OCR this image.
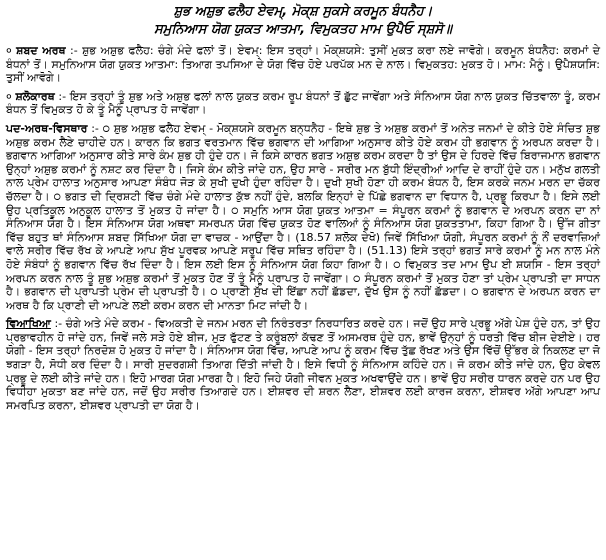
ਸ਼ੁਭ ਅਸ਼ੁਭ ਫਲੈਹ ਏਵਮ੍, ਮੋਕ੍ਸ਼ ਸੁਕਸੇ ਕਰਮੂਨ ਬੰਧਨੈਹ।
ਸਮੁਨਿਆਸ ਯੋਗ ਯੁਕਤ ਆਤਮਾ, ਵਿਮੁਕਤਹ ਮਾਮ ਉਪੈਓ ਸ੍ਸ਼ਸੋ॥

० ਸ਼ਬਦ ਅਰਥ :- ਸ਼ੁਭ ਅਸ਼ੁਭ ਫਲੈਹ: ਚੰਗੇ ਮੰਦੇ ਫਲਾਂ ਤੋਂ। ਏਵਮ੍: ਇਸ ਤਰ੍ਹਾਂ। ਮੋਕ੍ਸ਼ਯਸੇ: ਤੁਸੀਂ ਮੁਕਤ ਕਰਾ ਲਏ ਜਾਵੋਗੇ। ਕਰਮੂਨ ਬੰਧਨੈਹ: ਕਰਮਾਂ ਦੇ ਬੰਧਨਾਂ ਤੋਂ। ਸਮੁਨਿਆਸ ਯੋਗ ਯੁਕਤ ਆਤਮਾ: ਤਿਆਗ ਤਪਸਿਆ ਦੇ ਯੋਗ ਵਿੱਚ ਹੋਏ ਪਰਪੱਕ ਮਨ ਦੇ ਨਾਲ। ਵਿਮੁਕਤਹ: ਮੁਕਤ ਹੋ। ਮਾਮ: ਮੈਨੂੰ। ਉਪੈਸ਼ਯਸਿ: ਤੁਸੀਂ ਆਵੋਗੇ।

० ਸ਼ਲੋਕਾਰਥ :- ਇਸ ਤਰ੍ਹਾਂ ਤੂੰ ਸ਼ੁਭ ਅਤੇ ਅਸ਼ੁਭ ਫਲਾਂ ਨਾਲ ਯੁਕਤ ਕਰਮ ਰੂਪ ਬੰਧਨਾਂ ਤੋਂ ਛੁੱਟ ਜਾਵੇਂਗਾ ਅਤੇ ਸੰਨਿਆਸ ਯੋਗ ਨਾਲ ਯੁਕਤ ਚਿੱਤਵਾਲਾ ਤੂੰ, ਕਰਮ ਬੰਧਨ ਤੋਂ ਵਿਮੁਕਤ ਹੋ ਕੇ ਤੂੰ ਮੈਨੂੰ ਪ੍ਰਾਪਤ ਹੋ ਜਾਵੇਂਗਾ।

ਪਦ-ਅਰਥ-ਵਿਸਥਾਰ :- ੦ ਸ਼ੁਭ ਅਸ਼ੁਭ ਫਲੈਹ ਏਵਮ੍ - ਮੋਕ੍ਸ਼ਯਸੇ ਕਰਮੂਨ ਬਨ੍ਧਨੈਹ - ਇਥੇ ਸ਼ੁਭ ਤੇ ਅਸ਼ੁਭ ਕਰਮਾਂ ਤੋਂ ਅਨੇਤ ਜਨਮਾਂ ਦੇ ਕੀਤੇ ਹੋਏ ਸੰਚਿਤ ਸ਼ੁਭ ਅਸ਼ੁਭ ਕਰਮ ਲੈਣੇ ਚਾਹੀਦੇ ਹਨ। ਕਾਰਨ ਕਿ ਭਗਤ ਵਰਤਮਾਨ ਵਿੱਚ ਭਗਵਾਨ ਦੀ ਆਗਿਆ ਅਨੁਸਾਰ ਕੀਤੇ ਹੋਏ ਕਰਮ ਹੀ ਭਗਵਾਨ ਨੂੰ ਅਰਪਨ ਕਰਦਾ ਹੈ। ਭਗਵਾਨ ਆਗਿਆ ਅਨੁਸਾਰ ਕੀਤੇ ਸਾਰੇ ਕੰਮ ਸ਼ੁਭ ਹੀ ਹੁੰਦੇ ਹਨ। ਜੋ ਕਿਸੇ ਕਾਰਨ ਭਗਤ ਅਸ਼ੁਭ ਕਰਮ ਕਰਦਾ ਹੈ ਤਾਂ ਉਸ ਦੇ ਹਿਰਦੇ ਵਿੱਚ ਬਿਰਾਜਮਾਨ ਭਗਵਾਨ ਉਨ੍ਹਾਂ ਅਸ਼ੁਭ ਕਰਮਾਂ ਨੂੰ ਨਸ਼ਟ ਕਰ ਦਿੰਦਾ ਹੈ। ਜਿਸੇ ਕੰਮ ਕੀਤੇ ਜਾਂਦੇ ਹਨ, ਉਹ ਸਾਰੇ - ਸਰੀਰ ਮਨ ਬੁੱਧੀ ਇੰਦ੍ਰੀਆਂ ਆਦਿ ਦੇ ਰਾਹੀਂ ਹੁੰਦੇ ਹਨ। ਮਨੁੱਖ ਗਲਤੀ ਨਾਲ ਪ੍ਰੇਮ ਹਾਲਾਤ ਅਨੁਸਾਰ ਆਪਣਾ ਸੰਬੰਧ ਜੋੜ ਕੇ ਸੁਖੀ ਦੁਖੀ ਹੁੰਦਾ ਰਹਿੰਦਾ ਹੈ। ਦੁਖੀ ਸੁਖੀ ਹੋਣਾ ਹੀ ਕਰਮ ਬੰਧਨ ਹੈ, ਇਸ ਕਰਕੇ ਜਨਮ ਮਰਨ ਦਾ ਚੱਕਰ ਚੱਲਦਾ ਹੈ। ੦ ਭਗਤ ਦੀ ਦ੍ਰਿਸ਼ਟੀ ਵਿੱਚ ਚੰਗੇ ਮੰਦੇ ਹਾਲਾਤ ਕੁੱਝ ਨਹੀਂ ਹੁੰਦੇ, ਬਲਕਿ ਇਨ੍ਹਾਂ ਦੇ ਪਿੱਛੇ ਭਗਵਾਨ ਦਾ ਵਿਧਾਨ ਹੈ, ਪ੍ਰਭੂ ਕਿਰਪਾ ਹੈ। ਇਸੇ ਲਈ ਉਹ ਪ੍ਰਤਿਕੂਲ ਅਨੁਕੂਲ ਹਾਲਾਤ ਤੋਂ ਮੁਕਤ ਹੋ ਜਾਂਦਾ ਹੈ। ੦ ਸਮੁਨਿ ਆਸ ਯੋਗ ਯੁਕਤ ਆਤਮਾ = ਸੰਪੂਰਨ ਕਰਮਾਂ ਨੂੰ ਭਗਵਾਨ ਦੇ ਅਰਪਨ ਕਰਨ ਦਾ ਨਾਂ ਸੰਨਿਆਸ ਯੋਗ ਹੈ। ਇਸ ਸੰਨਿਆਸ ਯੋਗ ਅਥਵਾ ਸਮਰਪਨ ਯੋਗ ਵਿੱਚ ਯੁਕਤ ਹੋਣ ਵਾਲਿਆਂ ਨੂੰ ਸੰਨਿਆਸ ਯੋਗ ਯੁਕਤਤਾਮਾ, ਕਿਹਾ ਗਿਆ ਹੈ। ਉੱਜ ਗੀਤਾ ਵਿੱਚ ਬਹੁਤ ਥਾਂ ਸੰਨਿਆਸ ਸ਼ਬਦ ਸਿੱਖਿਆ ਯੋਗ ਦਾ ਵਾਚਕ - ਆਉਂਦਾ ਹੈ। (18.57 ਸ਼ਲੋਕ ਦੇਖੋ) ਜਿਵੇਂ ਸਿੱਖਿਆ ਯੋਗੀ, ਸੰਪੂਰਨ ਕਰਮਾਂ ਨੂੰ ਨੌਂ ਦਰਵਾਜ਼ਿਆਂ ਵਾਲੇ ਸਰੀਰ ਵਿੱਚ ਰੱਖ ਕੇ ਆਪਣੇ ਆਪ ਸੁੱਖ ਪੂਰਵਕ ਆਪਣੇ ਸਰੂਪ ਵਿੱਚ ਸਥਿਤ ਰਹਿੰਦਾ ਹੈ। (51.13) ਇਸੇ ਤਰ੍ਹਾਂ ਭਗਤ ਸਾਰੇ ਕਰਮਾਂ ਨੂੰ ਮਨ ਨਾਲ ਮੰਨੇ ਹੋਏ ਸੰਬੰਧਾਂ ਨੂੰ ਭਗਵਾਨ ਵਿੱਚ ਰੱਖ ਦਿੰਦਾ ਹੈ। ਇਸ ਲਈ ਇਸ ਨੂੰ ਸੰਨਿਆਸ ਯੋਗ ਕਿਹਾ ਗਿਆ ਹੈ। ੦ ਵਿਮੁਕਤ ਤਦ ਮਾਮ ਉਪ ਈ ਸ਼ਯਸਿ - ਇਸ ਤਰ੍ਹਾਂ ਅਰਪਨ ਕਰਨ ਨਾਲ ਤੂੰ ਸ਼ੁਭ ਅਸ਼ੁਭ ਕਰਮਾਂ ਤੋਂ ਮੁਕਤ ਹੋਣ ਤੋਂ ਤੂੰ ਮੈਨੂੰ ਪ੍ਰਾਪਤ ਹੋ ਜਾਵੇਂਗਾ। ੦ ਸੰਪੂਰਨ ਕਰਮਾਂ ਤੋਂ ਮੁਕਤ ਹੋਣਾ ਤਾਂ ਪ੍ਰੇਮ ਪ੍ਰਾਪਤੀ ਦਾ ਸਾਧਨ ਹੈ। ਭਗਵਾਨ ਦੀ ਪ੍ਰਾਪਤੀ ਪ੍ਰੇਮ ਦੀ ਪ੍ਰਾਪਤੀ ਹੈ। ੦ ਪ੍ਰਾਣੀ ਸੁੱਖ ਦੀ ਇੱਛਾ ਨਹੀਂ ਛੱਡਦਾ, ਦੁੱਖ ਉਸ ਨੂੰ ਨਹੀਂ ਛੱਡਦਾ। ੦ ਭਗਵਾਨ ਦੇ ਅਰਪਨ ਕਰਨ ਦਾ ਅਰਥ ਹੈ ਕਿ ਪ੍ਰਾਣੀ ਦੀ ਆਪਣੇ ਲਈ ਕਰਮ ਕਰਨ ਦੀ ਮਾਨਤਾ ਮਿਟ ਜਾਂਦੀ ਹੈ।

ਵਿਆਖਿਆ :- ਚੰਗੇ ਅਤੇ ਮੰਦੇ ਕਰਮ - ਵਿਅਕਤੀ ਦੇ ਜਨਮ ਮਰਨ ਦੀ ਨਿਰੰਤਰਤਾ ਨਿਰਧਾਰਿਤ ਕਰਦੇ ਹਨ। ਜਦੋਂ ਉਹ ਸਾਰੇ ਪ੍ਰਭੂ ਅੱਗੇ ਪੇਸ਼ ਹੁੰਦੇ ਹਨ, ਤਾਂ ਉਹ ਪ੍ਰਭਾਵਹੀਨ ਹੋ ਜਾਂਦੇ ਹਨ, ਜਿਵੇਂ ਜਲੇ ਸੜੇ ਹੋਏ ਬੀਜ, ਮੁੜ ਫੁੱਟਣ ਤੇ ਕਰੂੰਬਲਾਂ ਕੱਢਣ ਤੋਂ ਅਸਮਰਥ ਹੁੰਦੇ ਹਨ, ਭਾਵੇਂ ਉਨ੍ਹਾਂ ਨੂੰ ਧਰਤੀ ਵਿੱਚ ਬੀਜ ਦੇਈਏ। ਹਰ ਯੋਗੀ - ਇਸ ਤਰ੍ਹਾਂ ਨਿਰਦੋਸ਼ ਹੋ ਮੁਕਤ ਹੋ ਜਾਂਦਾ ਹੈ। ਸੰਨਿਆਸ ਯੋਗ ਵਿੱਚ, ਆਪਣੇ ਆਪ ਨੂੰ ਕਰਮ ਵਿੱਚ ਤੁੱਛ ਰੱਖਣ ਅਤੇ ਉਸ ਵਿੱਚੋਂ ਉੱਭਰ ਕੇ ਨਿਕਲਣ ਦਾ ਜੋ ਝਗੜਾ ਹੈ, ਸੋਧੀ ਕਰ ਦਿੰਦਾ ਹੈ। ਸਾਰੀ ਸੁਦਰਗਸ਼ੀ ਤਿਆਗ ਦਿੱਤੀ ਜਾਂਦੀ ਹੈ। ਇਸੇ ਵਿਧੀ ਨੂੰ ਸੰਨਿਆਸ ਕਹਿੰਦੇ ਹਨ। ਜੋ ਕਰਮ ਕੀਤੇ ਜਾਂਦੇ ਹਨ, ਉਹ ਕੇਵਲ ਪ੍ਰਭੂ ਦੇ ਲਈ ਕੀਤੇ ਜਾਂਦੇ ਹਨ। ਇਹੋ ਮਾਰਗ ਯੋਗ ਮਾਰਗ ਹੈ। ਇਹੋ ਜਿਹੇ ਯੋਗੀ ਜੀਵਨ ਮੁਕਤ ਅਖਵਾਉਂਦੇ ਹਨ। ਭਾਵੇਂ ਉਹ ਸਰੀਰ ਧਾਰਨ ਕਰਦੇ ਹਨ ਪਰ ਉਹ ਵਿਧੀਹਾ ਮੁਕਤਾ ਬਣ ਜਾਂਦੇ ਹਨ, ਜਦੋਂ ਉਹ ਸਰੀਰ ਤਿਆਗਦੇ ਹਨ। ਈਸ਼ਵਰ ਦੀ ਸ਼ਰਨ ਲੈਣਾ, ਈਸ਼ਵਰ ਲਈ ਕਾਰਜ ਕਰਨਾ, ਈਸ਼ਵਰ ਅੱਗੇ ਆਪਣਾ ਆਪ ਸਮਰਪਿਤ ਕਰਨਾ, ਈਸ਼ਵਰ ਪ੍ਰਾਪਤੀ ਦਾ ਯੋਗ ਹੈ।
